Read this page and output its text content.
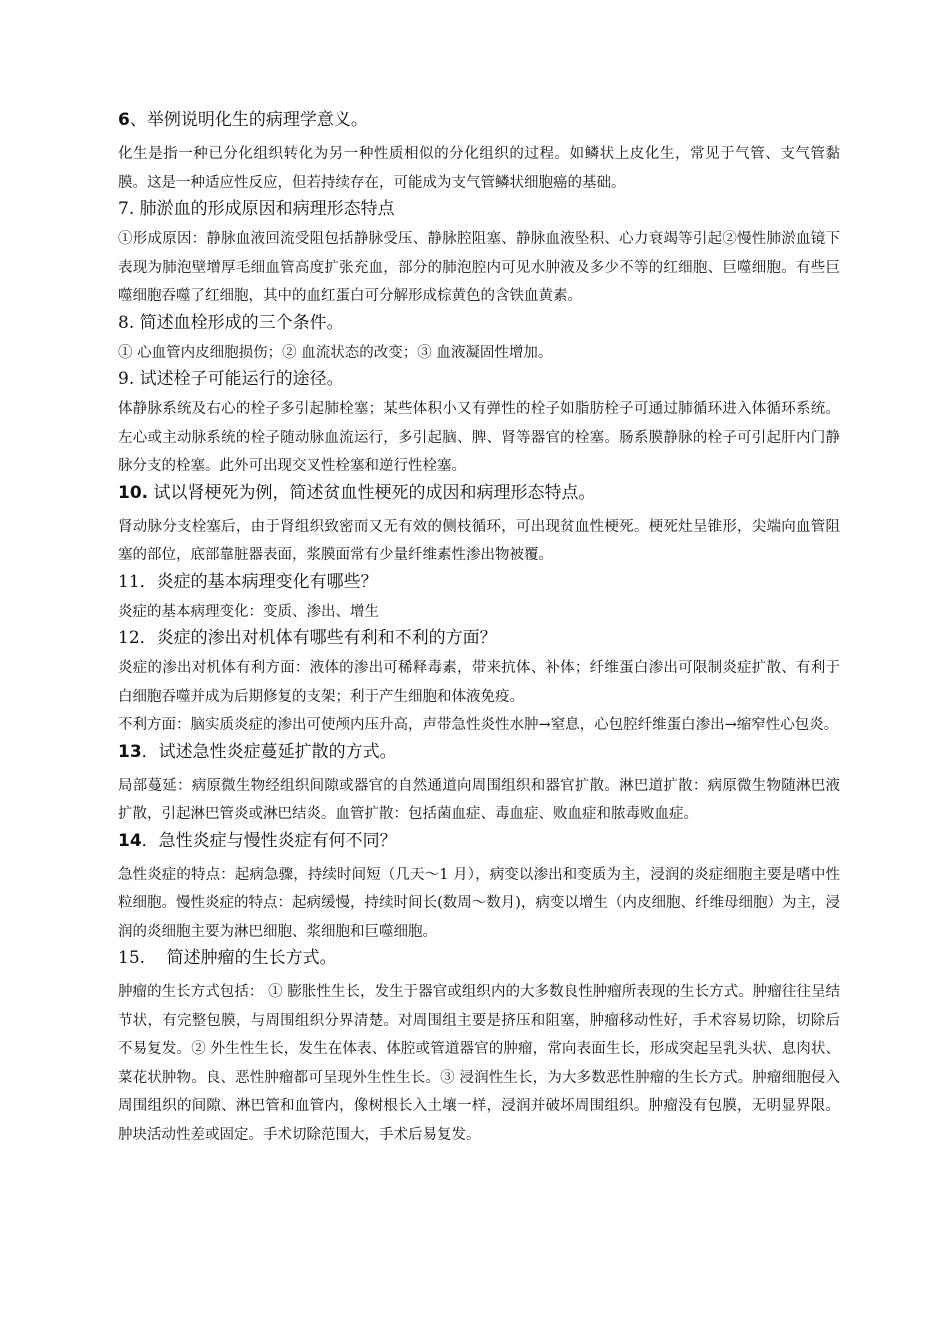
6、举例说明化生的病理学意义。

化生是指一种已分化组织转化为另一种性质相似的分化组织的过程。如鳞状上皮化生，常见于气管、支气管黏膜。这是一种适应性反应，但若持续存在，可能成为支气管鳞状细胞癌的基础。

7. 肺淤血的形成原因和病理形态特点

①形成原因：静脉血液回流受阻包括静脉受压、静脉腔阻塞、静脉血液坠积、心力衰竭等引起②慢性肺淤血镜下表现为肺泡壁增厚毛细血管高度扩张充血，部分的肺泡腔内可见水肿液及多少不等的红细胞、巨噬细胞。有些巨噬细胞吞噬了红细胞，其中的血红蛋白可分解形成棕黄色的含铁血黄素。

8. 简述血栓形成的三个条件。

① 心血管内皮细胞损伤；② 血流状态的改变；③ 血液凝固性增加。

9. 试述栓子可能运行的途径。

体静脉系统及右心的栓子多引起肺栓塞；某些体积小又有弹性的栓子如脂肪栓子可通过肺循环进入体循环系统。左心或主动脉系统的栓子随动脉血流运行，多引起脑、脾、肾等器官的栓塞。肠系膜静脉的栓子可引起肝内门静脉分支的栓塞。此外可出现交叉性栓塞和逆行性栓塞。

10. 试以肾梗死为例，简述贫血性梗死的成因和病理形态特点。

肾动脉分支栓塞后，由于肾组织致密而又无有效的侧枝循环，可出现贫血性梗死。梗死灶呈锥形，尖端向血管阻塞的部位，底部靠脏器表面，浆膜面常有少量纤维素性渗出物被覆。

11．炎症的基本病理变化有哪些？

炎症的基本病理变化：变质、渗出、增生

12．炎症的渗出对机体有哪些有利和不利的方面？

炎症的渗出对机体有利方面：液体的渗出可稀释毒素，带来抗体、补体；纤维蛋白渗出可限制炎症扩散、有利于白细胞吞噬并成为后期修复的支架；利于产生细胞和体液免疫。

不利方面：脑实质炎症的渗出可使颅内压升高，声带急性炎性水肿→窒息，心包腔纤维蛋白渗出→缩窄性心包炎。

13．试述急性炎症蔓延扩散的方式。

局部蔓延：病原微生物经组织间隙或器官的自然通道向周围组织和器官扩散。淋巴道扩散：病原微生物随淋巴液扩散，引起淋巴管炎或淋巴结炎。血管扩散：包括菌血症、毒血症、败血症和脓毒败血症。

14．急性炎症与慢性炎症有何不同？

急性炎症的特点：起病急骤，持续时间短（几天～1 月），病变以渗出和变质为主，浸润的炎症细胞主要是嗜中性粒细胞。慢性炎症的特点：起病缓慢，持续时间长(数周～数月)，病变以增生（内皮细胞、纤维母细胞）为主，浸润的炎细胞主要为淋巴细胞、浆细胞和巨噬细胞。

15.    简述肿瘤的生长方式。

肿瘤的生长方式包括： ① 膨胀性生长，发生于器官或组织内的大多数良性肿瘤所表现的生长方式。肿瘤往往呈结节状，有完整包膜，与周围组织分界清楚。对周围组主要是挤压和阻塞，肿瘤移动性好，手术容易切除，切除后不易复发。② 外生性生长，发生在体表、体腔或管道器官的肿瘤，常向表面生长，形成突起呈乳头状、息肉状、菜花状肿物。良、恶性肿瘤都可呈现外生性生长。③ 浸润性生长，为大多数恶性肿瘤的生长方式。肿瘤细胞侵入周围组织的间隙、淋巴管和血管内，像树根长入土壤一样，浸润并破坏周围组织。肿瘤没有包膜，无明显界限。肿块活动性差或固定。手术切除范围大，手术后易复发。
